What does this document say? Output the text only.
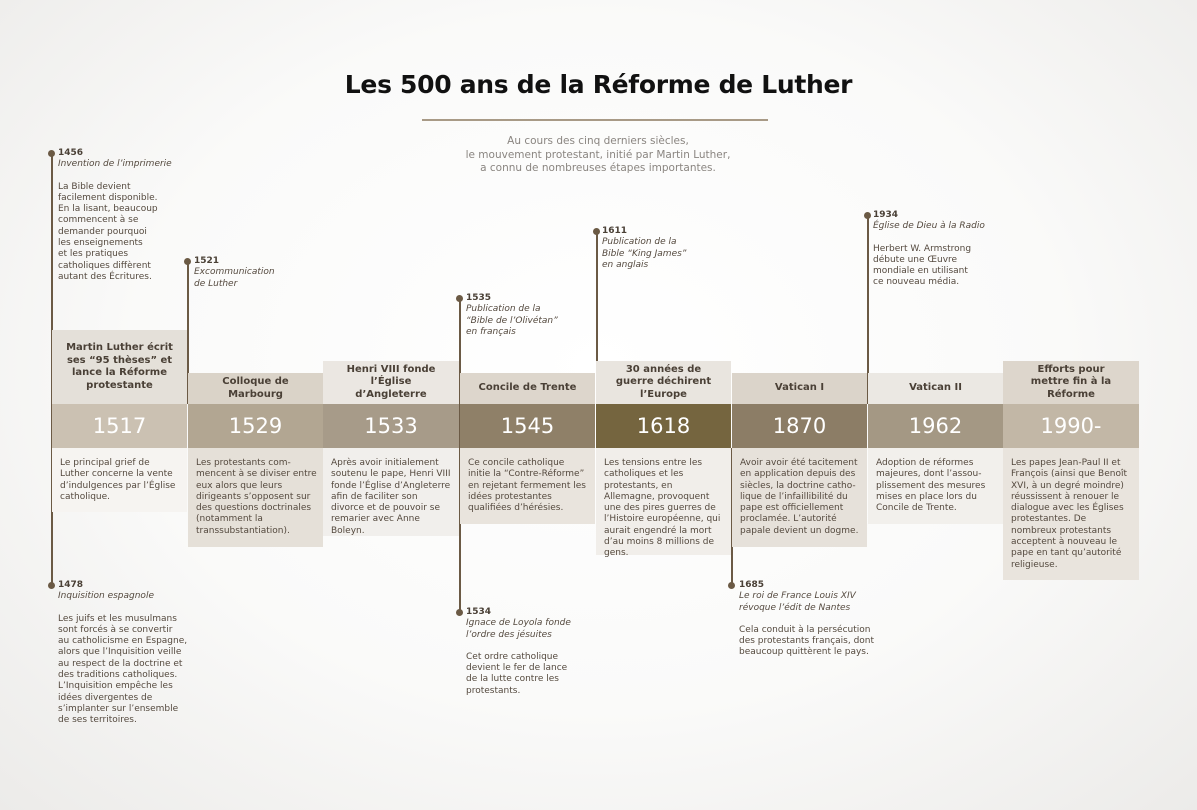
Les 500 ans de la Réforme de Luther
Au cours des cinq derniers siècles,
le mouvement protestant, initié par Martin Luther,
a connu de nombreuses étapes importantes.
Martin Luther écrit ses “95 thèses” et lance la Réforme protestante
1517
Le principal grief de Luther concerne la vente d’indulgences par l’Église catholique.
Colloque de Marbourg
1529
Les protestants com-mencent à se diviser entre eux alors que leurs dirigeants s’opposent sur des questions doctrinales (notamment la transsubstantiation).
Henri VIII fonde l’Église d’Angleterre
1533
Après avoir initialement soutenu le pape, Henri VIII fonde l’Église d’Angleterre afin de faciliter son divorce et de pouvoir se remarier avec Anne Boleyn.
Concile de Trente
1545
Ce concile catholique initie la “Contre-Réforme” en rejetant fermement les idées protestantes qualifiées d’hérésies.
30 années de guerre déchirent l’Europe
1618
Les tensions entre les catholiques et les protestants, en Allemagne, provoquent une des pires guerres de l’Histoire européenne, qui aurait engendré la mort d’au moins 8 millions de gens.
Vatican I
1870
Avoir avoir été tacitement en application depuis des siècles, la doctrine catho-lique de l’infaillibilité du pape est officiellement proclamée. L’autorité papale devient un dogme.
Vatican II
1962
Adoption de réformes majeures, dont l’assou-plissement des mesures mises en place lors du Concile de Trente.
Efforts pour mettre fin à la Réforme
1990-
Les papes Jean-Paul II et François (ainsi que Benoît XVI, à un degré moindre) réussissent à renouer le dialogue avec les Églises protestantes. De nombreux protestants acceptent à nouveau le pape en tant qu’autorité religieuse.
1456
Invention de l’imprimerie
La Bible devient
facilement disponible.
En la lisant, beaucoup
commencent à se
demander pourquoi
les enseignements
et les pratiques
catholiques diffèrent
autant des Écritures.
1521
Excommunication
de Luther
1535
Publication de la
“Bible de l’Olivétan”
en français
1611
Publication de la
Bible “King James”
en anglais
1934
Église de Dieu à la Radio
Herbert W. Armstrong
débute une Œuvre
mondiale en utilisant
ce nouveau média.
1478
Inquisition espagnole
Les juifs et les musulmans
sont forcés à se convertir
au catholicisme en Espagne,
alors que l’Inquisition veille
au respect de la doctrine et
des traditions catholiques.
L’Inquisition empêche les
idées divergentes de
s’implanter sur l’ensemble
de ses territoires.
1534
Ignace de Loyola fonde
l’ordre des jésuites
Cet ordre catholique
devient le fer de lance
de la lutte contre les
protestants.
1685
Le roi de France Louis XIV
révoque l’édit de Nantes
Cela conduit à la persécution
des protestants français, dont
beaucoup quittèrent le pays.
